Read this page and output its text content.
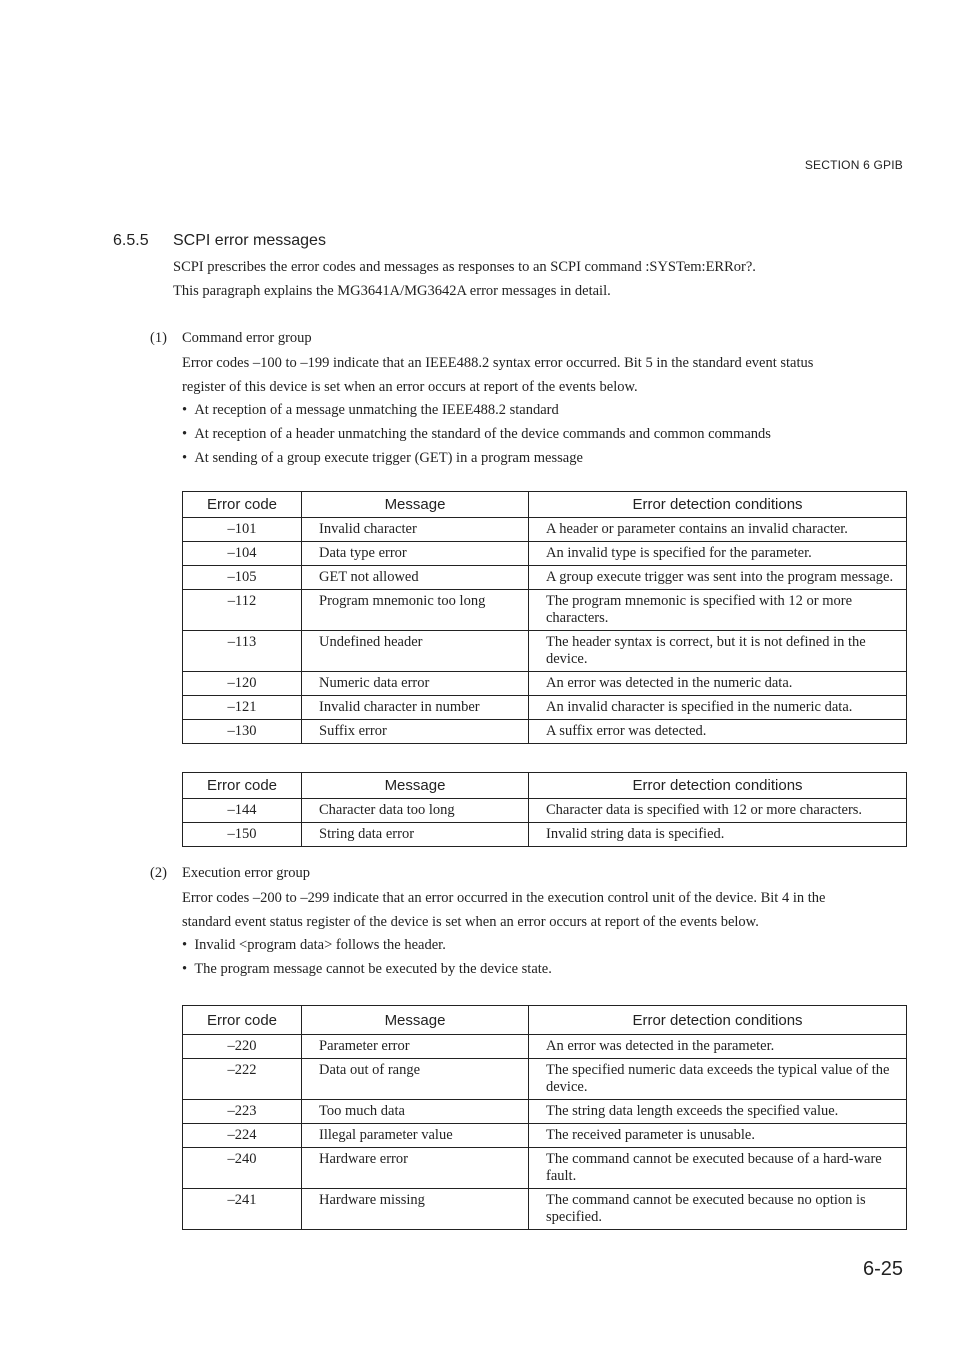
SECTION 6 GPIB
6.5.5 SCPI error messages
SCPI prescribes the error codes and messages as responses to an SCPI command :SYSTem:ERRor?.
This paragraph explains the MG3641A/MG3642A error messages in detail.
(1) Command error group
Error codes –100 to –199 indicate that an IEEE488.2 syntax error occurred. Bit 5 in the standard event status
register of this device is set when an error occurs at report of the events below.
•  At reception of a message unmatching the IEEE488.2 standard
•  At reception of a header unmatching the standard of the device commands and common commands
•  At sending of a group execute trigger (GET) in a program message
Error code	Message	Error detection conditions
–101	Invalid character	A header or parameter contains an invalid character.
–104	Data type error	An invalid type is specified for the parameter.
–105	GET not allowed	A group execute trigger was sent into the program message.
–112	Program mnemonic too long	The program mnemonic is specified with 12 or more characters.
–113	Undefined header	The header syntax is correct, but it is not defined in the device.
–120	Numeric data error	An error was detected in the numeric data.
–121	Invalid character in number	An invalid character is specified in the numeric data.
–130	Suffix error	A suffix error was detected.
Error code	Message	Error detection conditions
–144	Character data too long	Character data is specified with 12 or more characters.
–150	String data error	Invalid string data is specified.
(2) Execution error group
Error codes –200 to –299 indicate that an error occurred in the execution control unit of the device. Bit 4 in the
standard event status register of the device is set when an error occurs at report of the events below.
•  Invalid <program data> follows the header.
•  The program message cannot be executed by the device state.
Error code	Message	Error detection conditions
–220	Parameter error	An error was detected in the parameter.
–222	Data out of range	The specified numeric data exceeds the typical value of the device.
–223	Too much data	The string data length exceeds the specified value.
–224	Illegal parameter value	The received parameter is unusable.
–240	Hardware error	The command cannot be executed because of a hard-ware fault.
–241	Hardware missing	The command cannot be executed because no option is specified.
6-25
